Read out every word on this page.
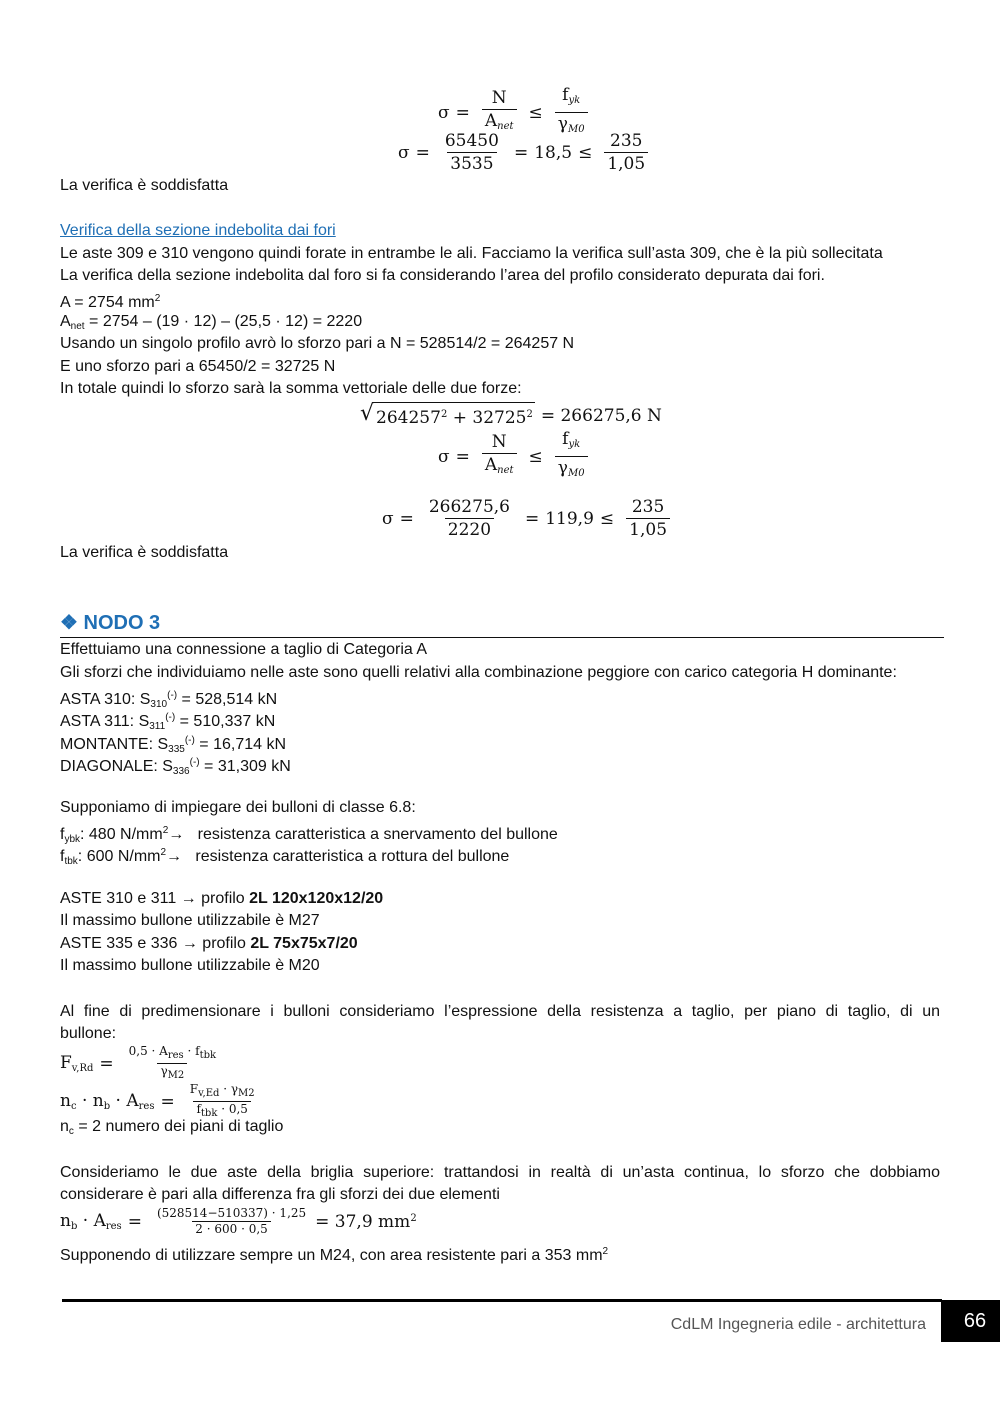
$\sigma = \frac{N}{A_{net}} \le \frac{f_{yk}}{\gamma_{M0}}$
$\sigma = \frac{65450}{3535} = 18,5 \le \frac{235}{1,05}$
La verifica è soddisfatta
Verifica della sezione indebolita dai fori
Le aste 309 e 310 vengono quindi forate in entrambe le ali. Facciamo la verifica sull’asta 309, che è la più sollecitata
La verifica della sezione indebolita dal foro si fa considerando l’area del profilo considerato depurata dai fori.
A = 2754 $mm^2$
$A_{net} = 2754 - (19 \cdot 12) - (25,5 \cdot 12) = 2220$
Usando un singolo profilo avrò lo sforzo pari a N = 528514/2 = 264257 N
E uno sforzo pari a 65450/2 = 32725 N
In totale quindi lo sforzo sarà la somma vettoriale delle due forze:
√ $264257^2 + 32725^2 = 266275,6$ N
$\sigma = \frac{N}{A_{net}} \le \frac{f_{yk}}{\gamma_{M0}}$
$\sigma = \frac{266275,6}{2220} = 119,9 \le \frac{235}{1,05}$
La verifica è soddisfatta
❖ NODO 3
Effettuiamo una connessione a taglio di Categoria A
Gli sforzi che individuiamo nelle aste sono quelli relativi alla combinazione peggiore con carico categoria H dominante:
ASTA 310: $S_{310}^{(-)} = 528,514$ kN
ASTA 311: $S_{311}^{(-)} = 510,337$ kN
MONTANTE: $S_{335}^{(-)} = 16,714$ kN
DIAGONALE: $S_{336}^{(-)} = 31,309$ kN
Supponiamo di impiegare dei bulloni di classe 6.8:
$f_{ybk}$: 480 $N/mm^2\to$ resistenza caratteristica a snervamento del bullone
$f_{tbk}$: 600 $N/mm^2\to$ resistenza caratteristica a rottura del bullone
ASTE 310 e 311 → profilo 2L 120x120x12/20
Il massimo bullone utilizzabile è M27
ASTE 335 e 336 → profilo 2L 75x75x7/20
Il massimo bullone utilizzabile è M20
Al fine di predimensionare i bulloni consideriamo l’espressione della resistenza a taglio, per piano di taglio, di un
bullone:
$F_{v,Rd} = \frac{0,5 \cdot A_{res} \cdot f_{tbk}}{\gamma_{M2}}$
$n_c \cdot n_b \cdot A_{res} = \frac{F_{v,Ed} \cdot \gamma_{M2}}{f_{tbk} \cdot 0,5}$
$n_c = 2$ numero dei piani di taglio
Consideriamo le due aste della briglia superiore: trattandosi in realtà di un’asta continua, lo sforzo che dobbiamo
considerare è pari alla differenza fra gli sforzi dei due elementi
$n_b \cdot A_{res} = \frac{(528514-510337) \cdot 1,25}{2 \cdot 600 \cdot 0,5} = 37,9$ $mm^2$
Supponendo di utilizzare sempre un M24, con area resistente pari a 353 $mm^2$
CdLM Ingegneria edile - architettura	66
